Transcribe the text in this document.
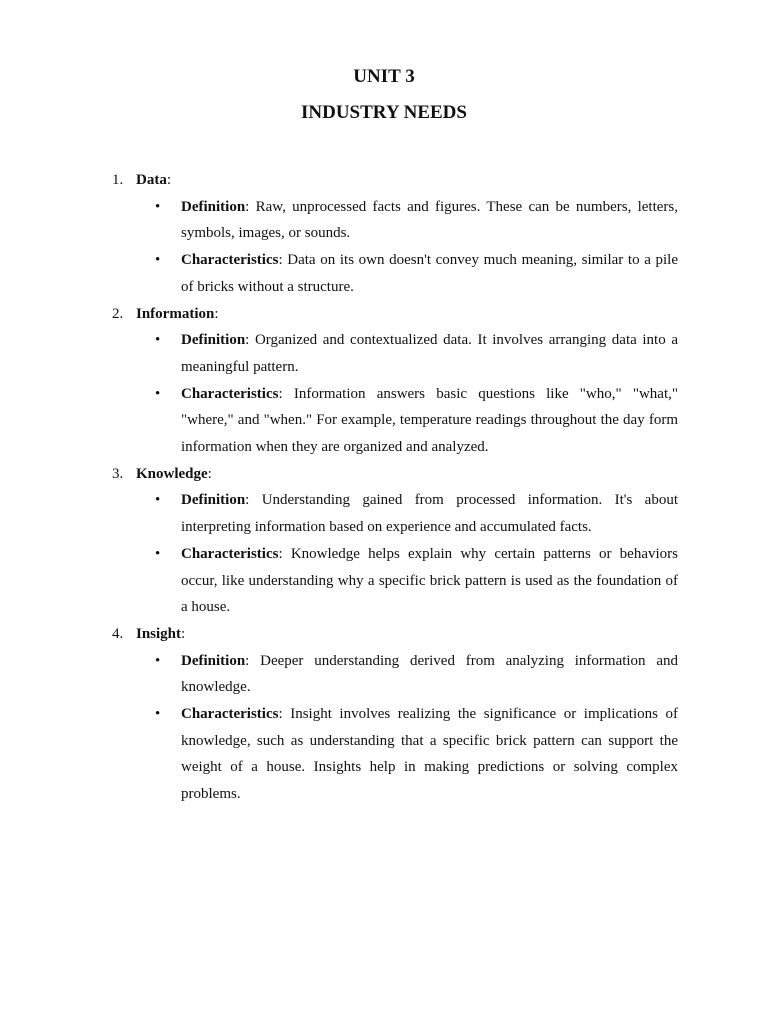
UNIT 3
INDUSTRY NEEDS
1. Data:
• Definition: Raw, unprocessed facts and figures. These can be numbers, letters, symbols, images, or sounds.
• Characteristics: Data on its own doesn't convey much meaning, similar to a pile of bricks without a structure.
2. Information:
• Definition: Organized and contextualized data. It involves arranging data into a meaningful pattern.
• Characteristics: Information answers basic questions like "who," "what," "where," and "when." For example, temperature readings throughout the day form information when they are organized and analyzed.
3. Knowledge:
• Definition: Understanding gained from processed information. It's about interpreting information based on experience and accumulated facts.
• Characteristics: Knowledge helps explain why certain patterns or behaviors occur, like understanding why a specific brick pattern is used as the foundation of a house.
4. Insight:
• Definition: Deeper understanding derived from analyzing information and knowledge.
• Characteristics: Insight involves realizing the significance or implications of knowledge, such as understanding that a specific brick pattern can support the weight of a house. Insights help in making predictions or solving complex problems.
